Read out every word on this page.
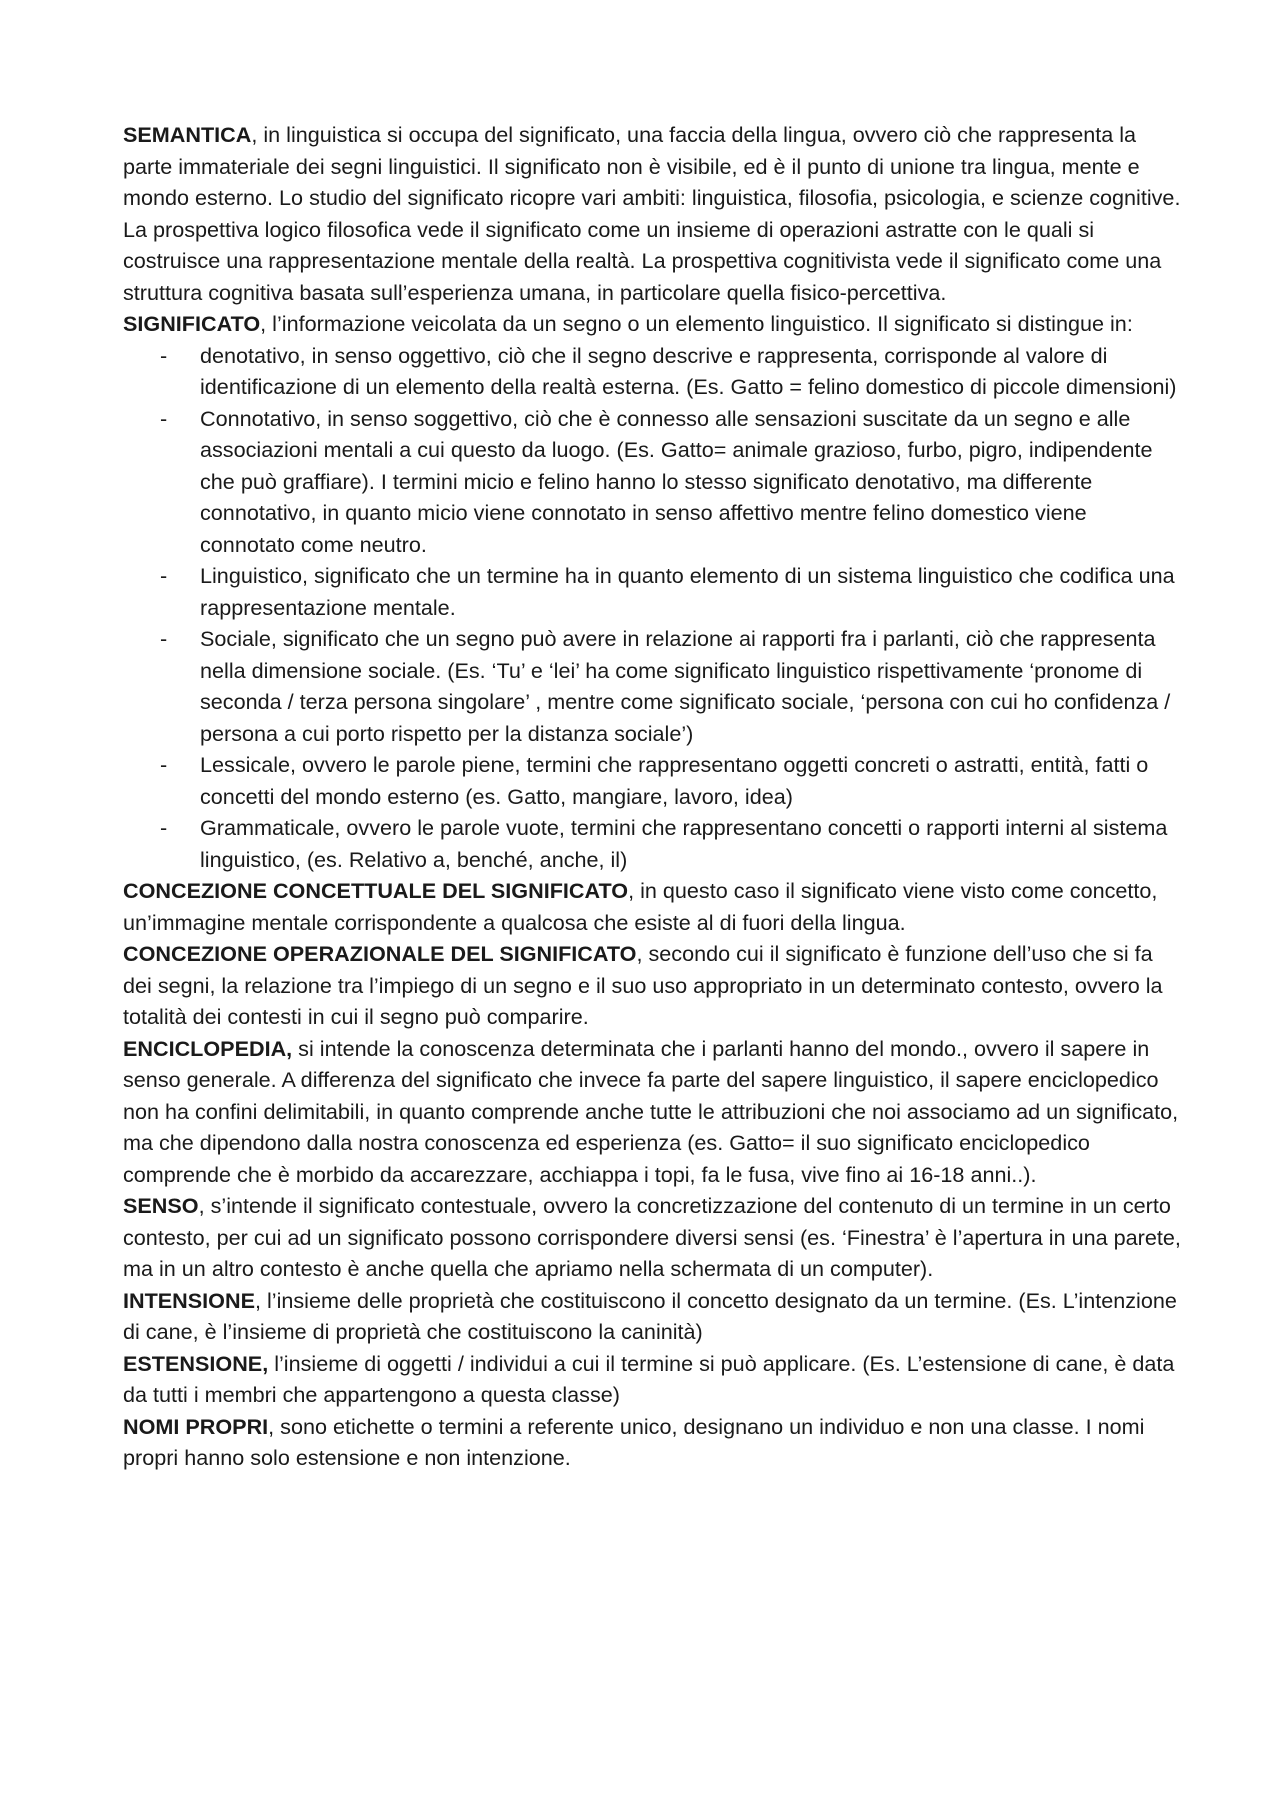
SEMANTICA, in linguistica si occupa del significato, una faccia della lingua, ovvero ciò che rappresenta la parte immateriale dei segni linguistici. Il significato non è visibile, ed è il punto di unione tra lingua, mente e mondo esterno. Lo studio del significato ricopre vari ambiti: linguistica, filosofia, psicologia, e scienze cognitive. La prospettiva logico filosofica vede il significato come un insieme di operazioni astratte con le quali si costruisce una rappresentazione mentale della realtà. La prospettiva cognitivista vede il significato come una struttura cognitiva basata sull’esperienza umana, in particolare quella fisico-percettiva.

SIGNIFICATO, l’informazione veicolata da un segno o un elemento linguistico. Il significato si distingue in:

- denotativo, in senso oggettivo, ciò che il segno descrive e rappresenta, corrisponde al valore di identificazione di un elemento della realtà esterna. (Es. Gatto = felino domestico di piccole dimensioni)
- Connotativo, in senso soggettivo, ciò che è connesso alle sensazioni suscitate da un segno e alle associazioni mentali a cui questo da luogo. (Es. Gatto= animale grazioso, furbo, pigro, indipendente che può graffiare). I termini micio e felino hanno lo stesso significato denotativo, ma differente connotativo, in quanto micio viene connotato in senso affettivo mentre felino domestico viene connotato come neutro.
- Linguistico, significato che un termine ha in quanto elemento di un sistema linguistico che codifica una rappresentazione mentale.
- Sociale, significato che un segno può avere in relazione ai rapporti fra i parlanti, ciò che rappresenta nella dimensione sociale. (Es. ‘Tu’ e ‘lei’ ha come significato linguistico rispettivamente ‘pronome di seconda / terza persona singolare’ , mentre come significato sociale, ‘persona con cui ho confidenza / persona a cui porto rispetto per la distanza sociale’)
- Lessicale, ovvero le parole piene, termini che rappresentano oggetti concreti o astratti, entità, fatti o concetti del mondo esterno (es. Gatto, mangiare, lavoro, idea)
- Grammaticale, ovvero le parole vuote, termini che rappresentano concetti o rapporti interni al sistema linguistico, (es. Relativo a, benché, anche, il)

CONCEZIONE CONCETTUALE DEL SIGNIFICATO, in questo caso il significato viene visto come concetto, un’immagine mentale corrispondente a qualcosa che esiste al di fuori della lingua.

CONCEZIONE OPERAZIONALE DEL SIGNIFICATO, secondo cui il significato è funzione dell’uso che si fa dei segni, la relazione tra l’impiego di un segno e il suo uso appropriato in un determinato contesto, ovvero la totalità dei contesti in cui il segno può comparire.

ENCICLOPEDIA, si intende la conoscenza determinata che i parlanti hanno del mondo., ovvero il sapere in senso generale. A differenza del significato che invece fa parte del sapere linguistico, il sapere enciclopedico non ha confini delimitabili, in quanto comprende anche tutte le attribuzioni che noi associamo ad un significato, ma che dipendono dalla nostra conoscenza ed esperienza (es. Gatto= il suo significato enciclopedico comprende che è morbido da accarezzare, acchiappa i topi, fa le fusa, vive fino ai 16-18 anni..).

SENSO, s’intende il significato contestuale, ovvero la concretizzazione del contenuto di un termine in un certo contesto, per cui ad un significato possono corrispondere diversi sensi (es. ‘Finestra’ è l’apertura in una parete, ma in un altro contesto è anche quella che apriamo nella schermata di un computer).

INTENSIONE, l’insieme delle proprietà che costituiscono il concetto designato da un termine. (Es. L’intenzione di cane, è l’insieme di proprietà che costituiscono la caninità)

ESTENSIONE, l’insieme di oggetti / individui a cui il termine si può applicare. (Es. L’estensione di cane, è data da tutti i membri che appartengono a questa classe)

NOMI PROPRI, sono etichette o termini a referente unico, designano un individuo e non una classe. I nomi propri hanno solo estensione e non intenzione.
